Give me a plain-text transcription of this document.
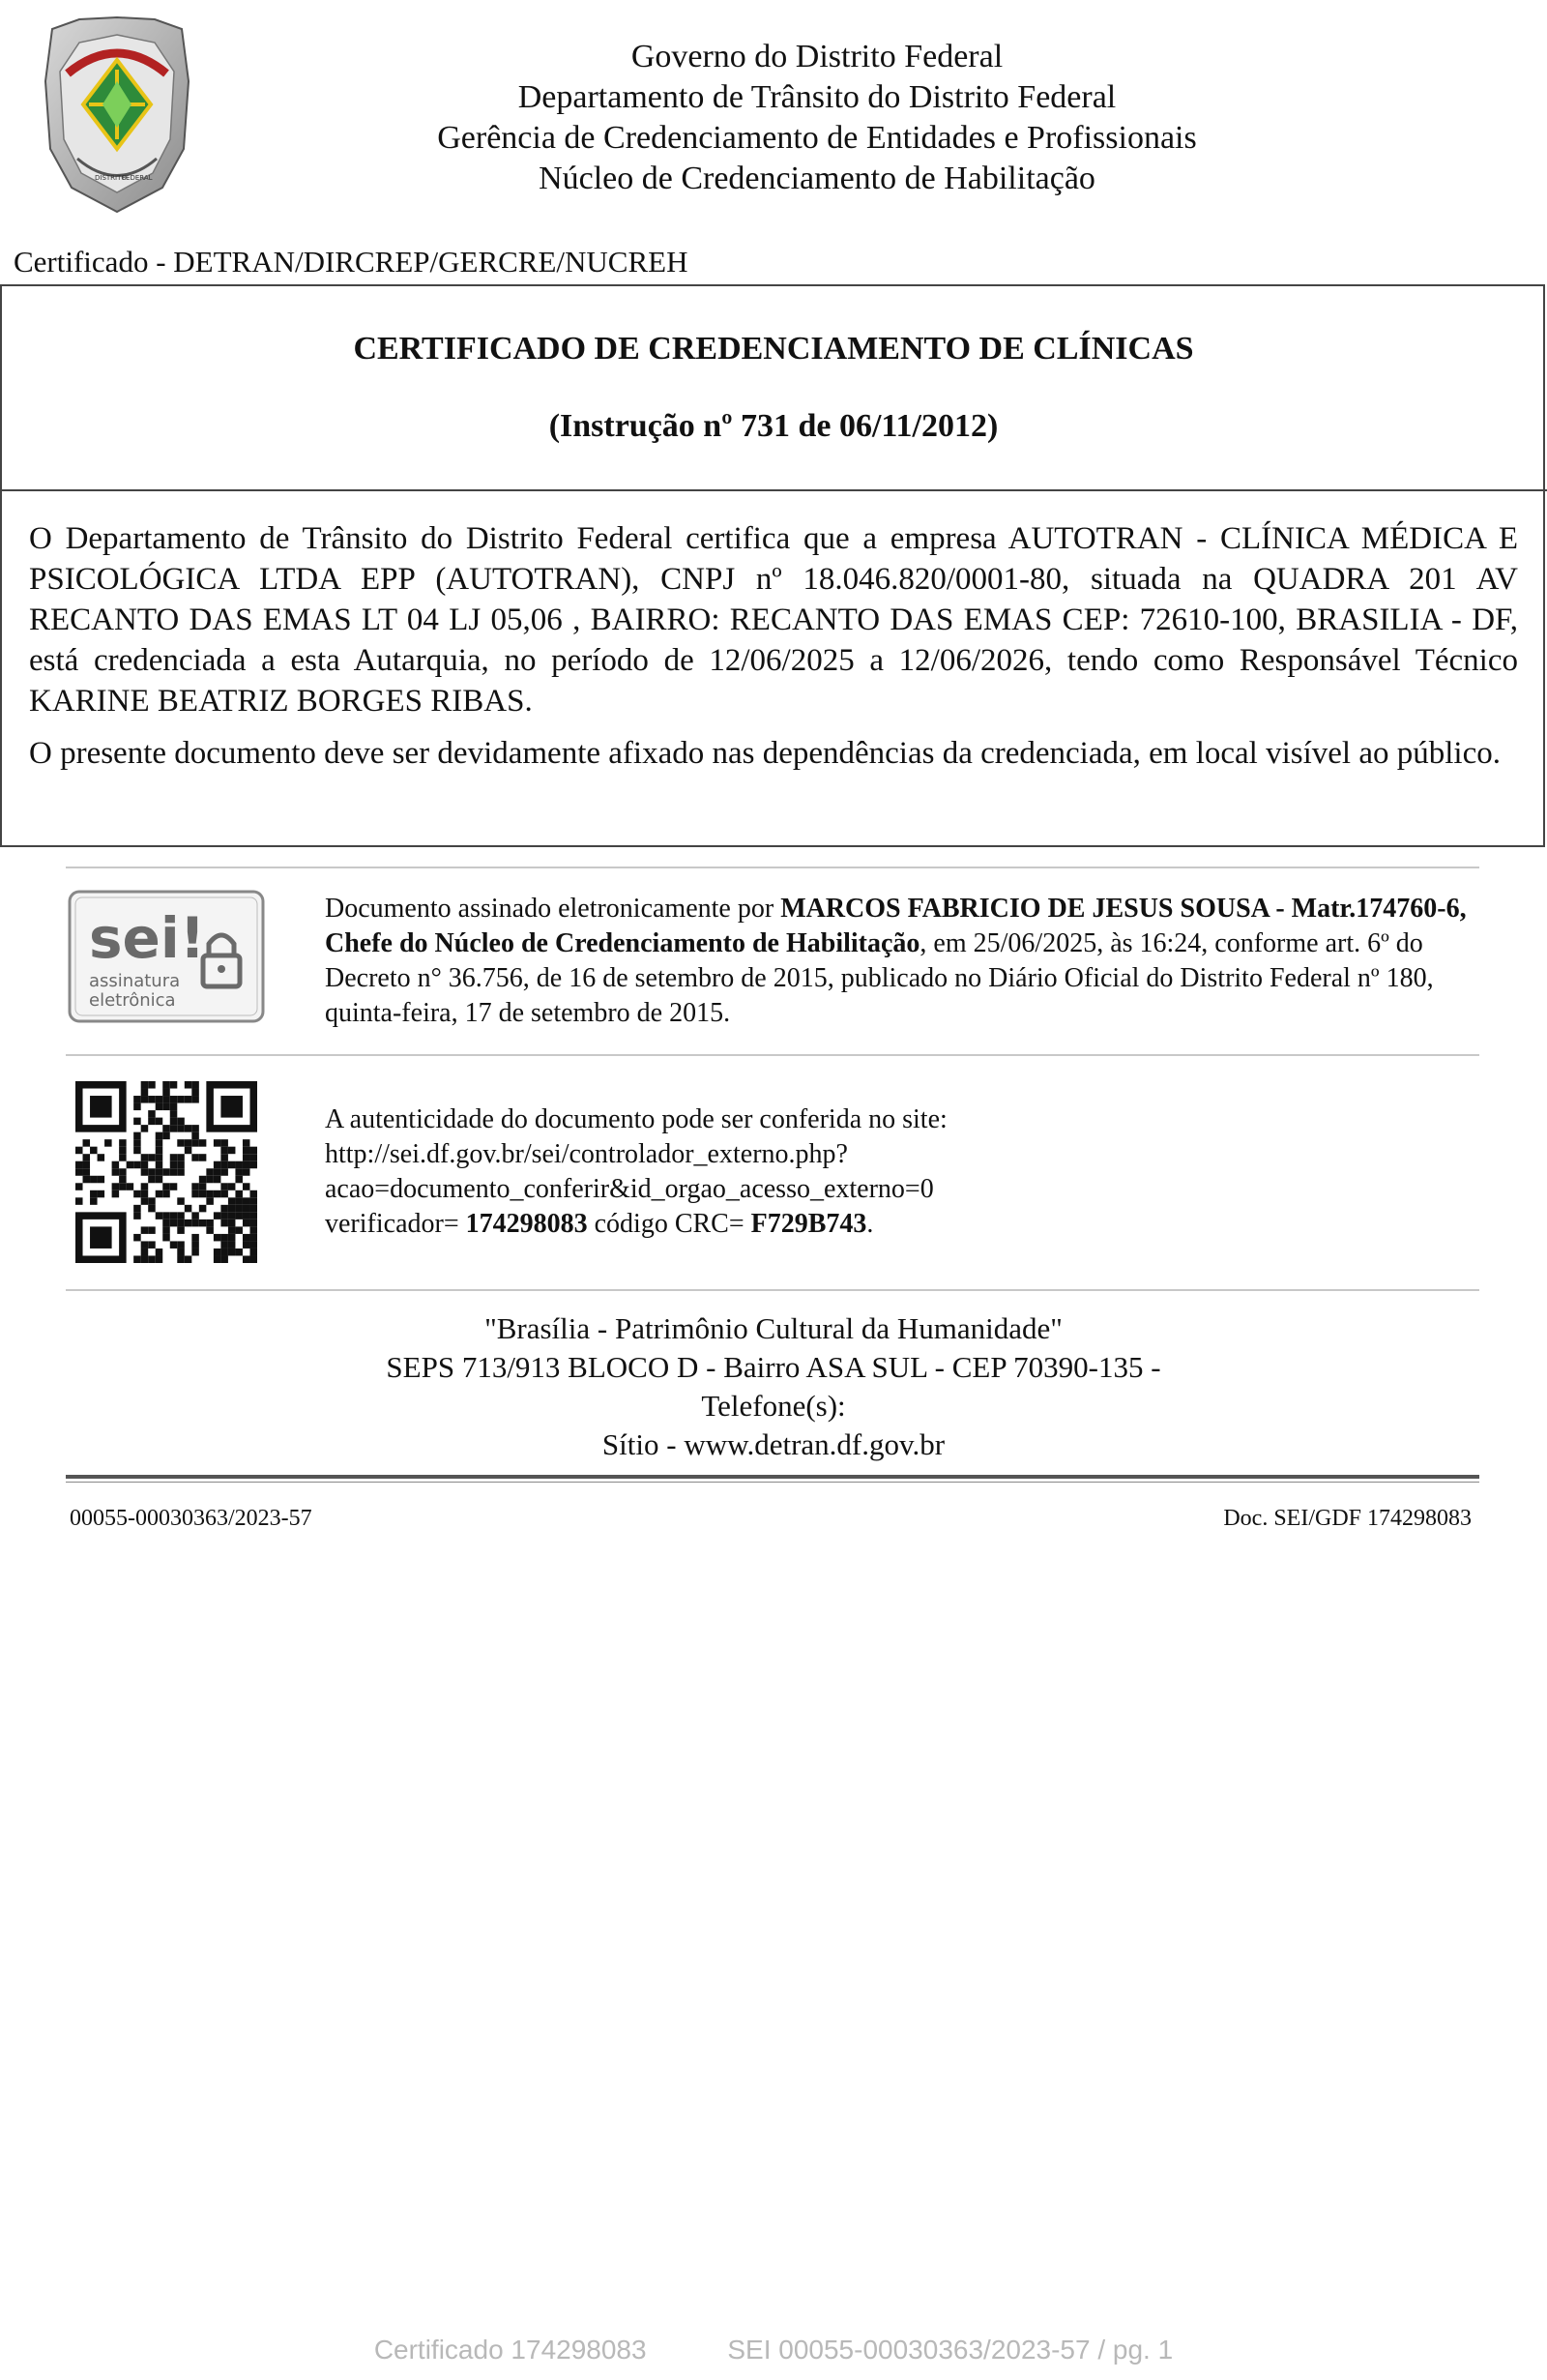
DISTRITO
FEDERAL
Governo do Distrito Federal
Departamento de Trânsito do Distrito Federal
Gerência de Credenciamento de Entidades e Profissionais
Núcleo de Credenciamento de Habilitação
Certificado - DETRAN/DIRCREP/GERCRE/NUCREH
CERTIFICADO DE CREDENCIAMENTO DE CLÍNICAS
(Instrução nº 731 de 06/11/2012)

O Departamento de Trânsito do Distrito Federal certifica que a empresa AUTOTRAN - CLÍNICA MÉDICA E PSICOLÓGICA LTDA EPP (AUTOTRAN), CNPJ nº 18.046.820/0001-80, situada na QUADRA 201 AV RECANTO DAS EMAS LT 04 LJ 05,06 , BAIRRO: RECANTO DAS EMAS CEP: 72610-100, BRASILIA - DF, está credenciada a esta Autarquia, no período de 12/06/2025 a 12/06/2026, tendo como Responsável Técnico KARINE BEATRIZ BORGES RIBAS.

O presente documento deve ser devidamente afixado nas dependências da credenciada, em local visível ao público.

sei!
assinatura
eletrônica
Documento assinado eletronicamente por MARCOS FABRICIO DE JESUS SOUSA - Matr.174760-6, Chefe do Núcleo de Credenciamento de Habilitação, em 25/06/2025, às 16:24, conforme art. 6º do Decreto n° 36.756, de 16 de setembro de 2015, publicado no Diário Oficial do Distrito Federal nº 180, quinta-feira, 17 de setembro de 2015.
A autenticidade do documento pode ser conferida no site:
http://sei.df.gov.br/sei/controlador_externo.php?
acao=documento_conferir&id_orgao_acesso_externo=0
verificador= 174298083 código CRC= F729B743.
"Brasília - Patrimônio Cultural da Humanidade"
SEPS 713/913 BLOCO D - Bairro ASA SUL - CEP 70390-135 -
Telefone(s):
Sítio - www.detran.df.gov.br
00055-00030363/2023-57	Doc. SEI/GDF 174298083
Certificado 174298083	SEI 00055-00030363/2023-57 / pg. 1
